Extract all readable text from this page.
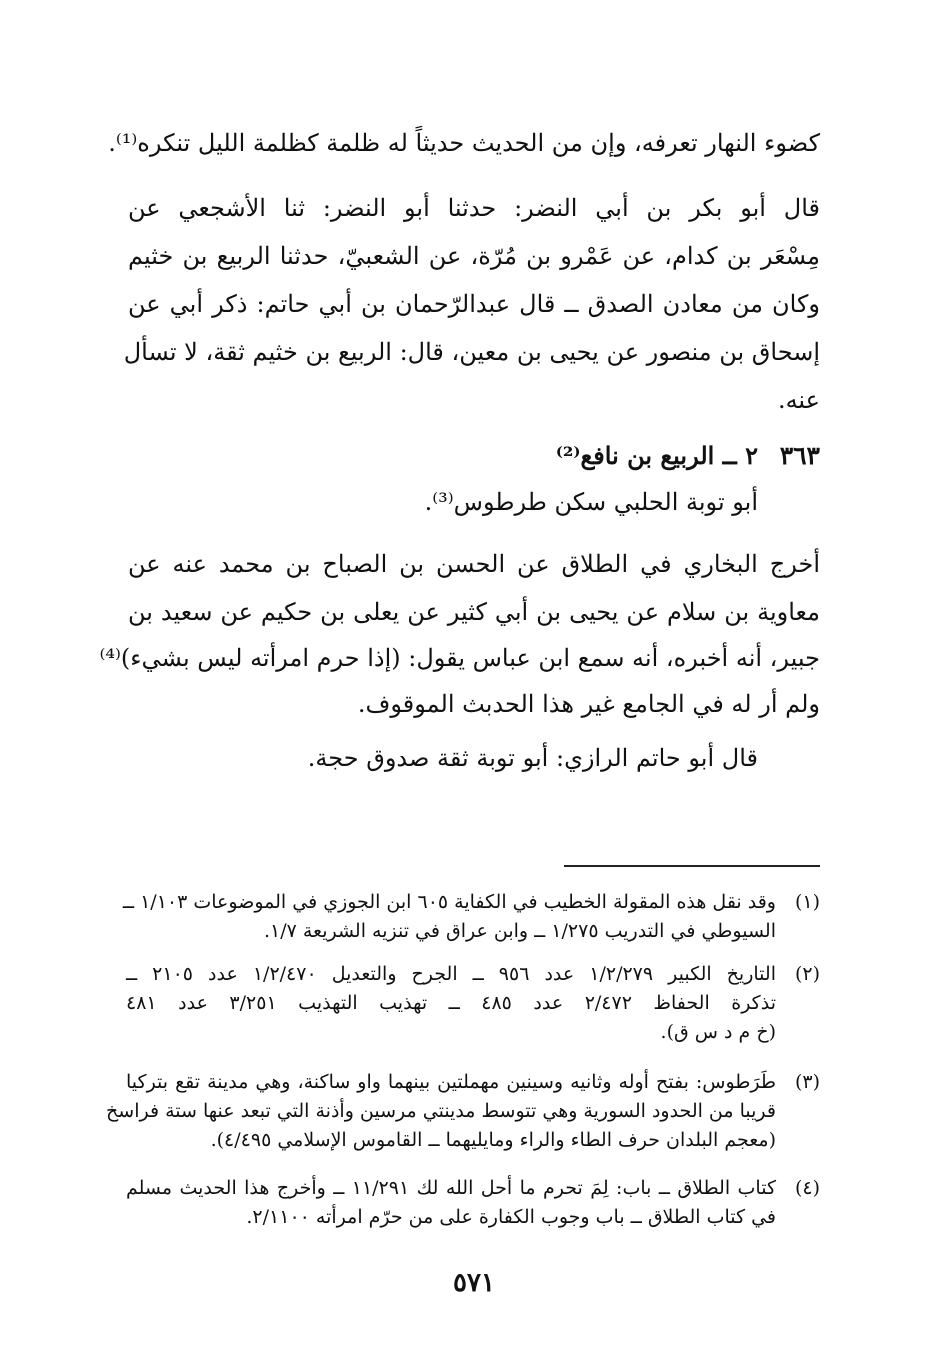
كضوء النهار تعرفه، وإن من الحديث حديثاً له ظلمة كظلمة الليل تنكره⁽¹⁾.
قال أبو بكر بن أبي النضر: حدثنا أبو النضر: ثنا الأشجعي عن
مِسْعَر بن كدام، عن عَمْرو بن مُرّة، عن الشعبيّ، حدثنا الربيع بن خثيم
وكان من معادن الصدق ــ قال عبدالرّحمان بن أبي حاتم: ذكر أبي عن
إسحاق بن منصور عن يحيى بن معين، قال: الربيع بن خثيم ثقة، لا تسأل
عنه.
٣٦٣
٢ ــ الربيع بن نافع⁽²⁾
أبو توبة الحلبي سكن طرطوس⁽³⁾.
أخرج البخاري في الطلاق عن الحسن بن الصباح بن محمد عنه عن
معاوية بن سلام عن يحيى بن أبي كثير عن يعلى بن حكيم عن سعيد بن
جبير، أنه أخبره، أنه سمع ابن عباس يقول: (إذا حرم امرأته ليس بشيء)⁽⁴⁾
ولم أر له في الجامع غير هذا الحدبث الموقوف.
قال أبو حاتم الرازي: أبو توبة ثقة صدوق حجة.
(١)
وقد نقل هذه المقولة الخطيب في الكفاية ٦٠٥ ابن الجوزي في الموضوعات ١/١٠٣ ــ
السيوطي في التدريب ١/٢٧٥ ــ وابن عراق في تنزيه الشريعة ١/٧.
(٢)
التاريخ الكبير ١/٢/٢٧٩ عدد ٩٥٦ ــ الجرح والتعديل ١/٢/٤٧٠ عدد ٢١٠٥ ــ
تذكرة الحفاظ ٢/٤٧٢ عدد ٤٨٥ ــ تهذيب التهذيب ٣/٢٥١ عدد ٤٨١
(خ م د س ق).
(٣)
طَرَطوس: بفتح أوله وثانيه وسينين مهملتين بينهما واو ساكنة، وهي مدينة تقع بتركيا
قريبا من الحدود السورية وهي تتوسط مدينتي مرسين وأذنة التي تبعد عنها ستة فراسخ
(معجم البلدان حرف الطاء والراء ومايليهما ــ القاموس الإسلامي ٤/٤٩٥).
(٤)
كتاب الطلاق ــ باب: لِمَ تحرم ما أحل الله لك ١١/٢٩١ ــ وأخرج هذا الحديث مسلم
في كتاب الطلاق ــ باب وجوب الكفارة على من حرّم امرأته ٢/١١٠٠.
٥٧١
